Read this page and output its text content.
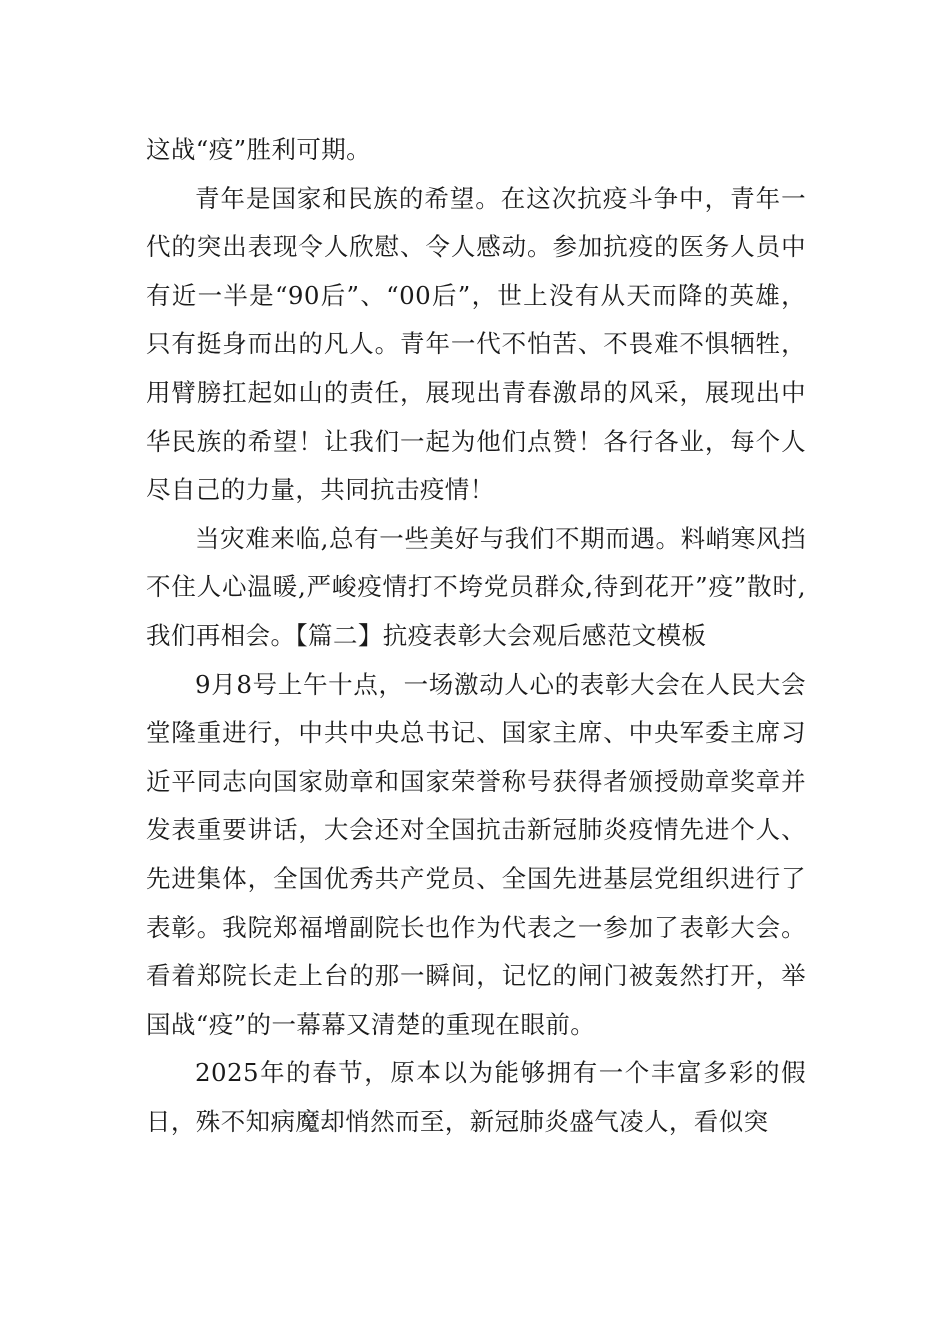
这战“疫”胜利可期。

青年是国家和民族的希望。在这次抗疫斗争中，青年一代的突出表现令人欣慰、令人感动。参加抗疫的医务人员中有近一半是“90后”、“00后”，世上没有从天而降的英雄，只有挺身而出的凡人。青年一代不怕苦、不畏难不惧牺牲，用臂膀扛起如山的责任，展现出青春激昂的风采，展现出中华民族的希望！让我们一起为他们点赞！各行各业，每个人尽自己的力量，共同抗击疫情！

当灾难来临,总有一些美好与我们不期而遇。料峭寒风挡不住人心温暖,严峻疫情打不垮党员群众,待到花开”疫”散时,我们再相会。【篇二】抗疫表彰大会观后感范文模板

9月8号上午十点，一场激动人心的表彰大会在人民大会堂隆重进行，中共中央总书记、国家主席、中央军委主席习近平同志向国家勋章和国家荣誉称号获得者颁授勋章奖章并发表重要讲话，大会还对全国抗击新冠肺炎疫情先进个人、先进集体，全国优秀共产党员、全国先进基层党组织进行了表彰。我院郑福增副院长也作为代表之一参加了表彰大会。看着郑院长走上台的那一瞬间，记忆的闸门被轰然打开，举国战“疫”的一幕幕又清楚的重现在眼前。

2025年的春节，原本以为能够拥有一个丰富多彩的假日，殊不知病魔却悄然而至，新冠肺炎盛气凌人，看似突
